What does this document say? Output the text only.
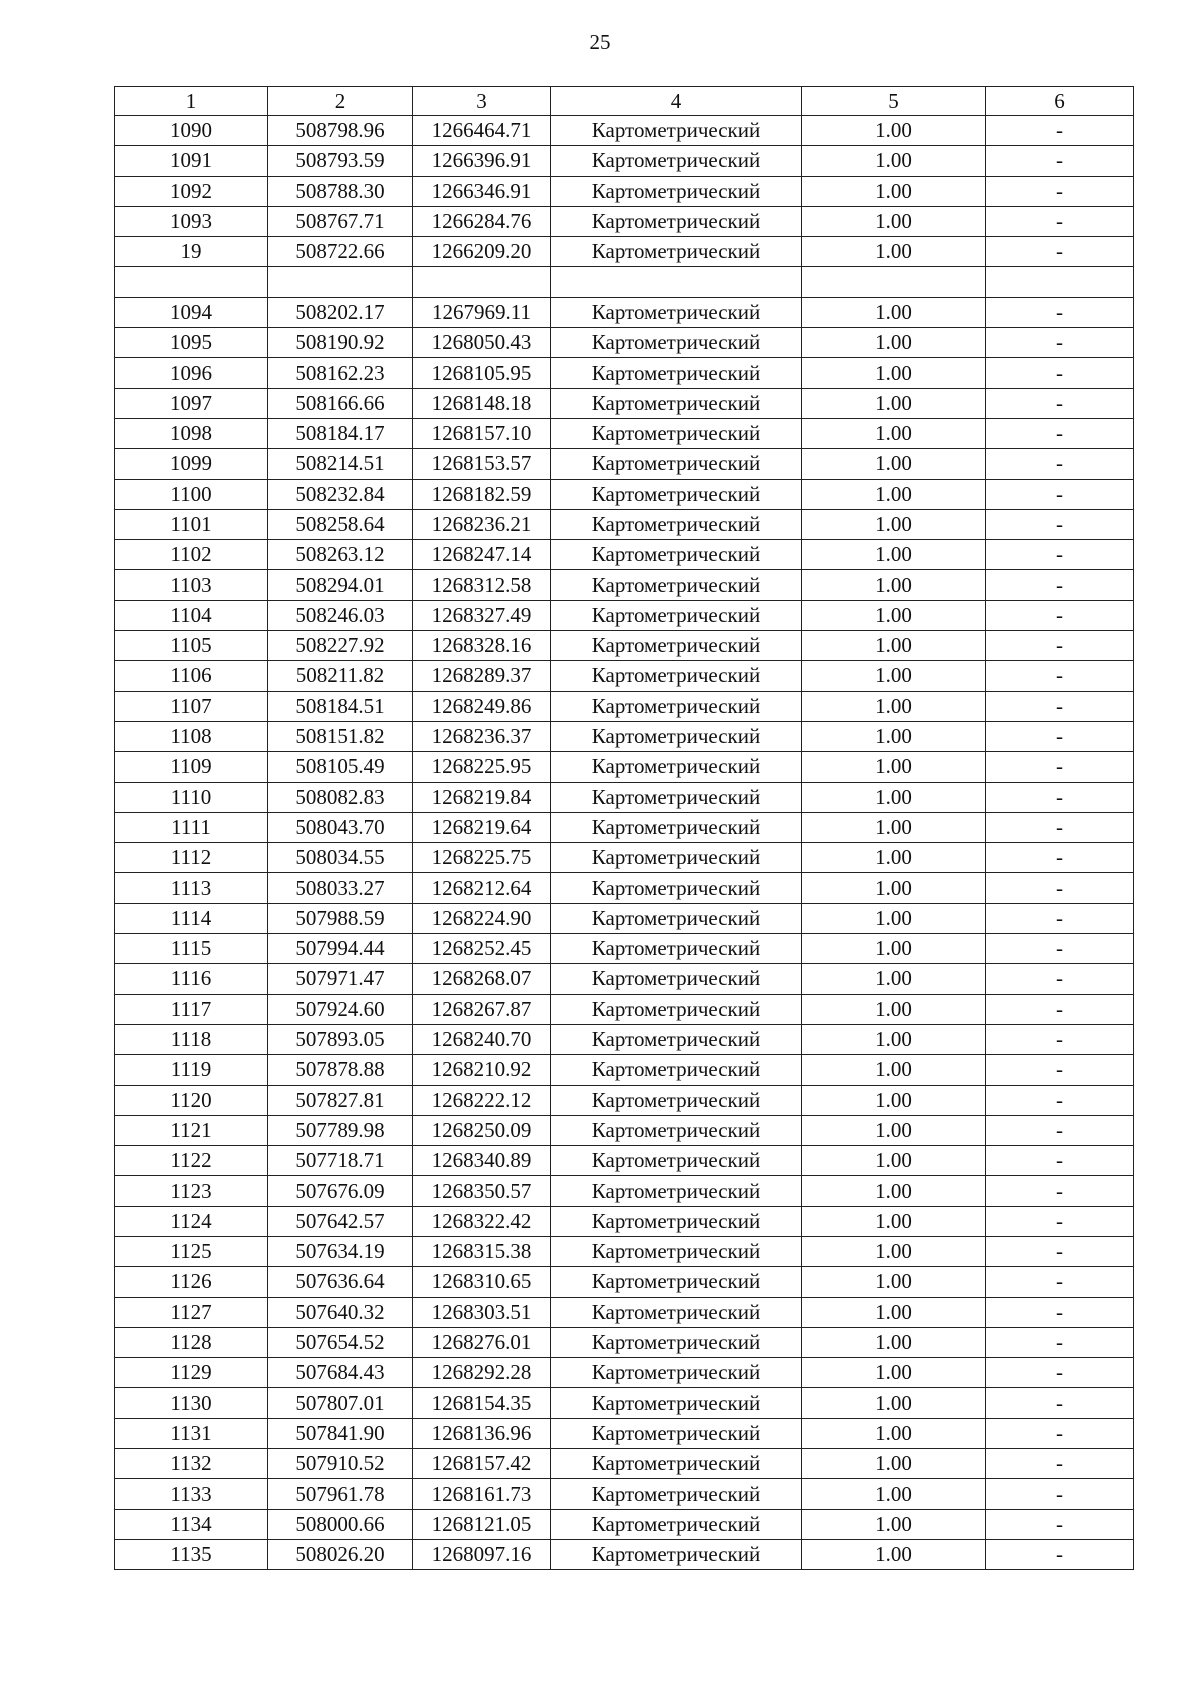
25
1	2	3	4	5	6
1090	508798.96	1266464.71	Картометрический	1.00	-
1091	508793.59	1266396.91	Картометрический	1.00	-
1092	508788.30	1266346.91	Картометрический	1.00	-
1093	508767.71	1266284.76	Картометрический	1.00	-
19	508722.66	1266209.20	Картометрический	1.00	-

1094	508202.17	1267969.11	Картометрический	1.00	-
1095	508190.92	1268050.43	Картометрический	1.00	-
1096	508162.23	1268105.95	Картометрический	1.00	-
1097	508166.66	1268148.18	Картометрический	1.00	-
1098	508184.17	1268157.10	Картометрический	1.00	-
1099	508214.51	1268153.57	Картометрический	1.00	-
1100	508232.84	1268182.59	Картометрический	1.00	-
1101	508258.64	1268236.21	Картометрический	1.00	-
1102	508263.12	1268247.14	Картометрический	1.00	-
1103	508294.01	1268312.58	Картометрический	1.00	-
1104	508246.03	1268327.49	Картометрический	1.00	-
1105	508227.92	1268328.16	Картометрический	1.00	-
1106	508211.82	1268289.37	Картометрический	1.00	-
1107	508184.51	1268249.86	Картометрический	1.00	-
1108	508151.82	1268236.37	Картометрический	1.00	-
1109	508105.49	1268225.95	Картометрический	1.00	-
1110	508082.83	1268219.84	Картометрический	1.00	-
1111	508043.70	1268219.64	Картометрический	1.00	-
1112	508034.55	1268225.75	Картометрический	1.00	-
1113	508033.27	1268212.64	Картометрический	1.00	-
1114	507988.59	1268224.90	Картометрический	1.00	-
1115	507994.44	1268252.45	Картометрический	1.00	-
1116	507971.47	1268268.07	Картометрический	1.00	-
1117	507924.60	1268267.87	Картометрический	1.00	-
1118	507893.05	1268240.70	Картометрический	1.00	-
1119	507878.88	1268210.92	Картометрический	1.00	-
1120	507827.81	1268222.12	Картометрический	1.00	-
1121	507789.98	1268250.09	Картометрический	1.00	-
1122	507718.71	1268340.89	Картометрический	1.00	-
1123	507676.09	1268350.57	Картометрический	1.00	-
1124	507642.57	1268322.42	Картометрический	1.00	-
1125	507634.19	1268315.38	Картометрический	1.00	-
1126	507636.64	1268310.65	Картометрический	1.00	-
1127	507640.32	1268303.51	Картометрический	1.00	-
1128	507654.52	1268276.01	Картометрический	1.00	-
1129	507684.43	1268292.28	Картометрический	1.00	-
1130	507807.01	1268154.35	Картометрический	1.00	-
1131	507841.90	1268136.96	Картометрический	1.00	-
1132	507910.52	1268157.42	Картометрический	1.00	-
1133	507961.78	1268161.73	Картометрический	1.00	-
1134	508000.66	1268121.05	Картометрический	1.00	-
1135	508026.20	1268097.16	Картометрический	1.00	-
